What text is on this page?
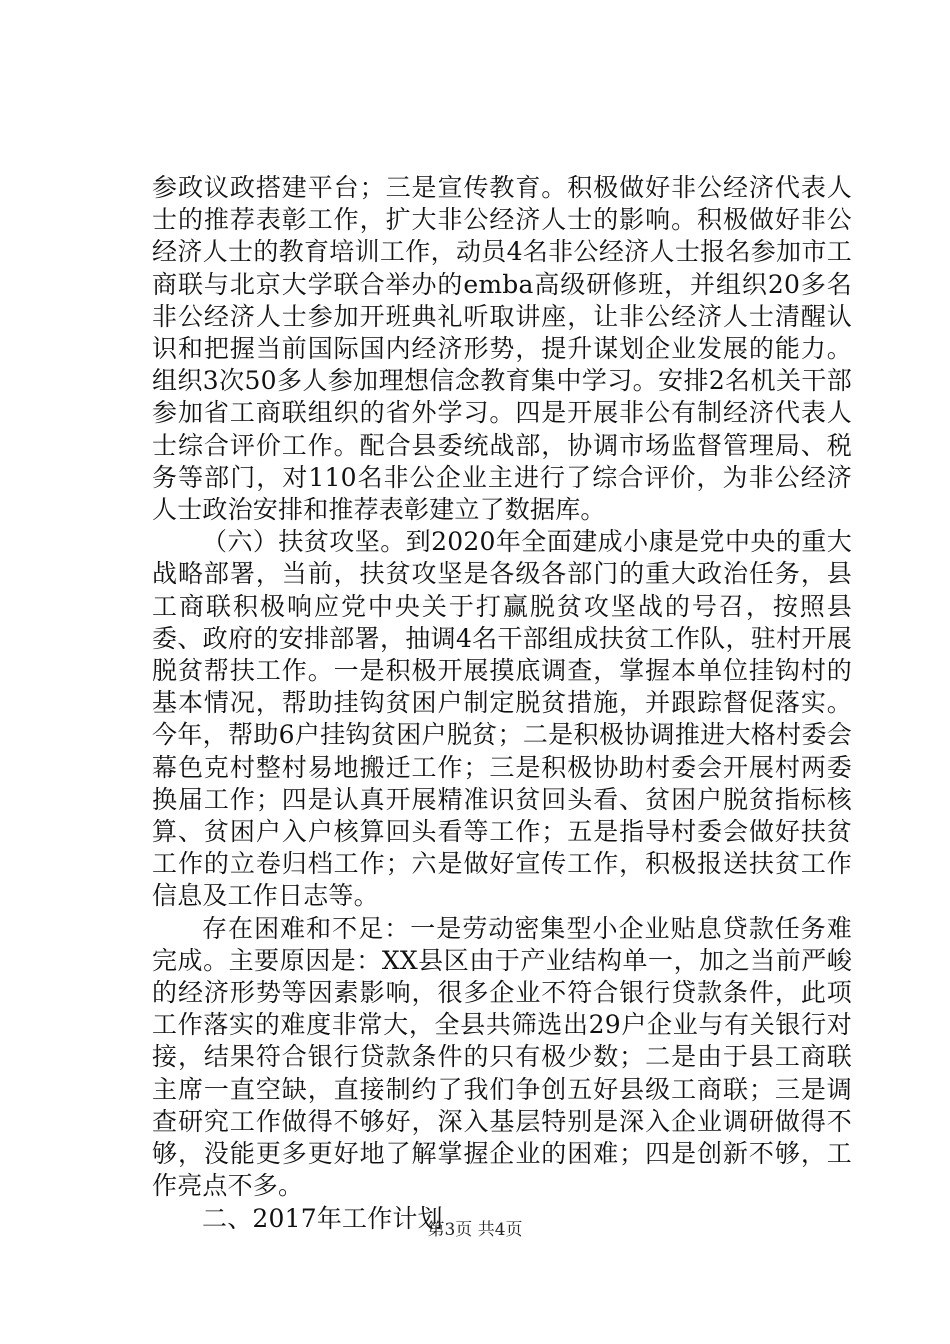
参政议政搭建平台；三是宣传教育。积极做好非公经济代表人士的推荐表彰工作，扩大非公经济人士的影响。积极做好非公经济人士的教育培训工作，动员4名非公经济人士报名参加市工商联与北京大学联合举办的emba高级研修班，并组织20多名非公经济人士参加开班典礼听取讲座，让非公经济人士清醒认识和把握当前国际国内经济形势，提升谋划企业发展的能力。组织3次50多人参加理想信念教育集中学习。安排2名机关干部参加省工商联组织的省外学习。四是开展非公有制经济代表人士综合评价工作。配合县委统战部，协调市场监督管理局、税务等部门，对110名非公企业主进行了综合评价，为非公经济人士政治安排和推荐表彰建立了数据库。

（六）扶贫攻坚。到2020年全面建成小康是党中央的重大战略部署，当前，扶贫攻坚是各级各部门的重大政治任务，县工商联积极响应党中央关于打赢脱贫攻坚战的号召，按照县委、政府的安排部署，抽调4名干部组成扶贫工作队，驻村开展脱贫帮扶工作。一是积极开展摸底调查，掌握本单位挂钩村的基本情况，帮助挂钩贫困户制定脱贫措施，并跟踪督促落实。今年，帮助6户挂钩贫困户脱贫；二是积极协调推进大格村委会幕色克村整村易地搬迁工作；三是积极协助村委会开展村两委换届工作；四是认真开展精准识贫回头看、贫困户脱贫指标核算、贫困户入户核算回头看等工作；五是指导村委会做好扶贫工作的立卷归档工作；六是做好宣传工作，积极报送扶贫工作信息及工作日志等。

存在困难和不足：一是劳动密集型小企业贴息贷款任务难完成。主要原因是：XX县区由于产业结构单一，加之当前严峻的经济形势等因素影响，很多企业不符合银行贷款条件，此项工作落实的难度非常大，全县共筛选出29户企业与有关银行对接，结果符合银行贷款条件的只有极少数；二是由于县工商联主席一直空缺，直接制约了我们争创五好县级工商联；三是调查研究工作做得不够好，深入基层特别是深入企业调研做得不够，没能更多更好地了解掌握企业的困难；四是创新不够，工作亮点不多。

二、2017年工作计划

第3页 共4页
